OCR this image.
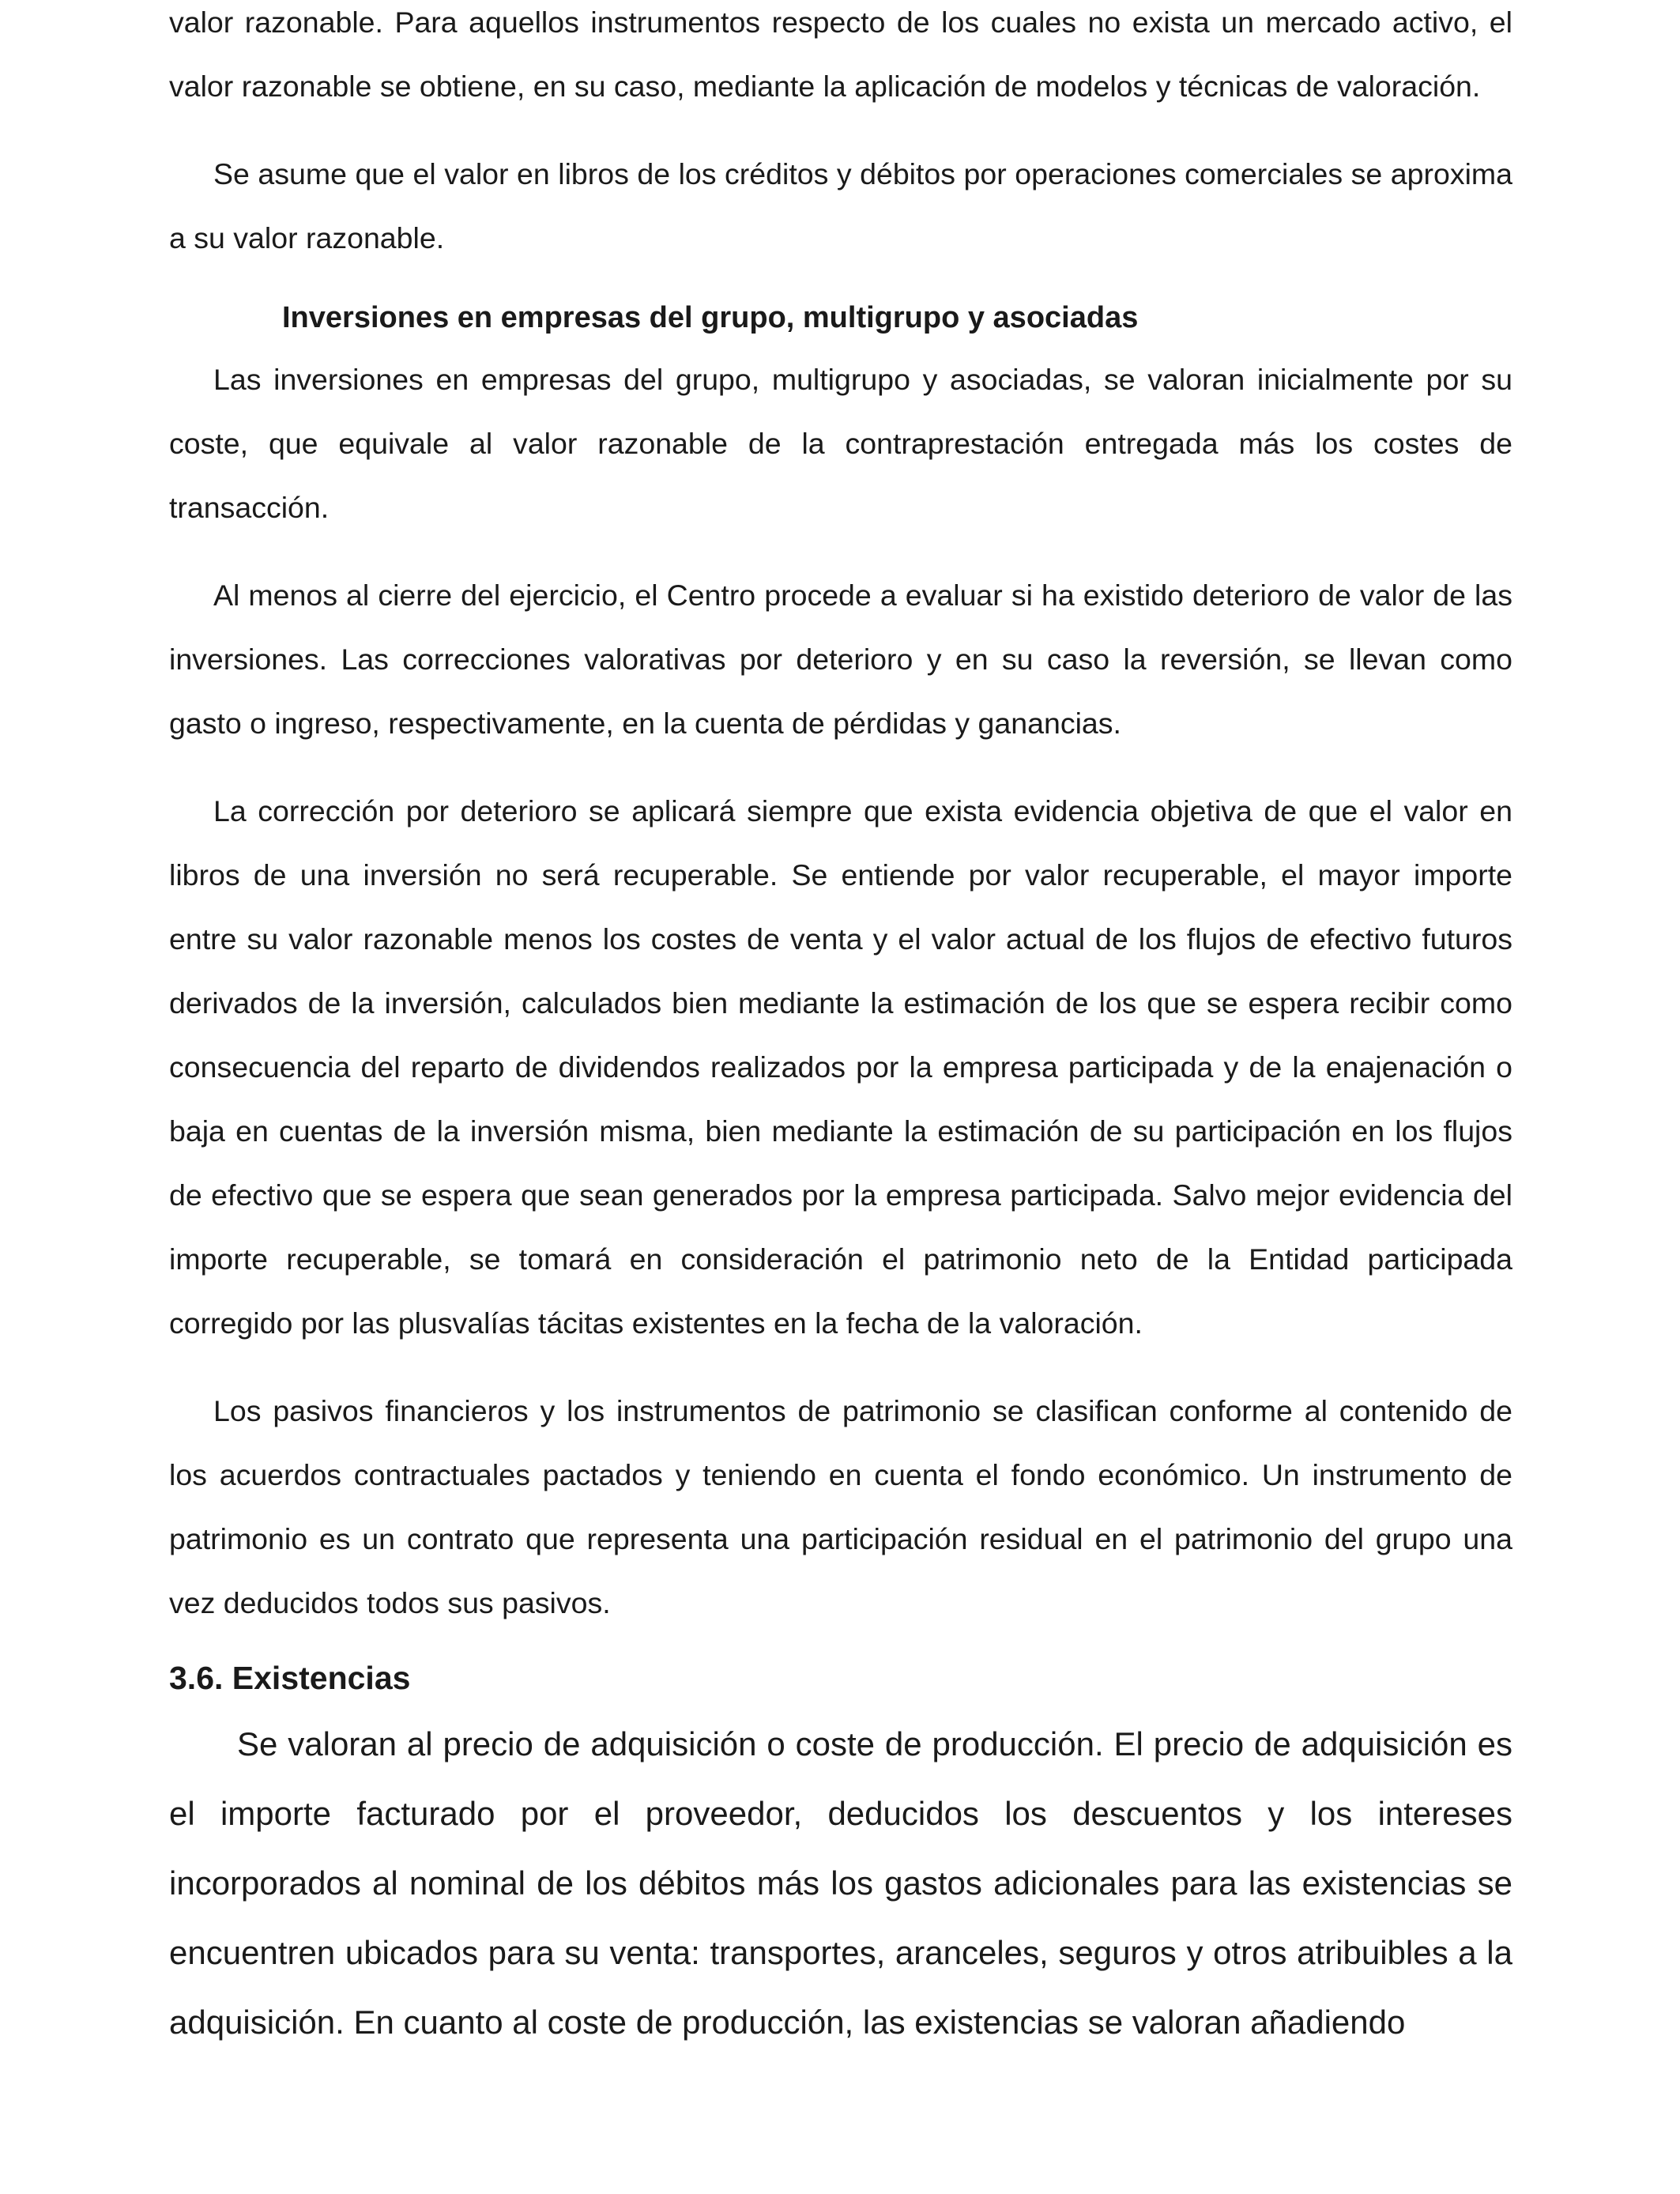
valor razonable. Para aquellos instrumentos respecto de los cuales no exista un mercado activo, el valor razonable se obtiene, en su caso, mediante la aplicación de modelos y técnicas de valoración.

Se asume que el valor en libros de los créditos y débitos por operaciones comerciales se aproxima a su valor razonable.

Inversiones en empresas del grupo, multigrupo y asociadas

Las inversiones en empresas del grupo, multigrupo y asociadas, se valoran inicialmente por su coste, que equivale al valor razonable de la contraprestación entregada más los costes de transacción.

Al menos al cierre del ejercicio, el Centro procede a evaluar si ha existido deterioro de valor de las inversiones. Las correcciones valorativas por deterioro y en su caso la reversión, se llevan como gasto o ingreso, respectivamente, en la cuenta de pérdidas y ganancias.

La corrección por deterioro se aplicará siempre que exista evidencia objetiva de que el valor en libros de una inversión no será recuperable. Se entiende por valor recuperable, el mayor importe entre su valor razonable menos los costes de venta y el valor actual de los flujos de efectivo futuros derivados de la inversión, calculados bien mediante la estimación de los que se espera recibir como consecuencia del reparto de dividendos realizados por la empresa participada y de la enajenación o baja en cuentas de la inversión misma, bien mediante la estimación de su participación en los flujos de efectivo que se espera que sean generados por la empresa participada. Salvo mejor evidencia del importe recuperable, se tomará en consideración el patrimonio neto de la Entidad participada corregido por las plusvalías tácitas existentes en la fecha de la valoración.

Los pasivos financieros y los instrumentos de patrimonio se clasifican conforme al contenido de los acuerdos contractuales pactados y teniendo en cuenta el fondo económico. Un instrumento de patrimonio es un contrato que representa una participación residual en el patrimonio del grupo una vez deducidos todos sus pasivos.

3.6. Existencias

Se valoran al precio de adquisición o coste de producción. El precio de adquisición es el importe facturado por el proveedor, deducidos los descuentos y los intereses incorporados al nominal de los débitos más los gastos adicionales para las existencias se encuentren ubicados para su venta: transportes, aranceles, seguros y otros atribuibles a la adquisición. En cuanto al coste de producción, las existencias se valoran añadiendo
